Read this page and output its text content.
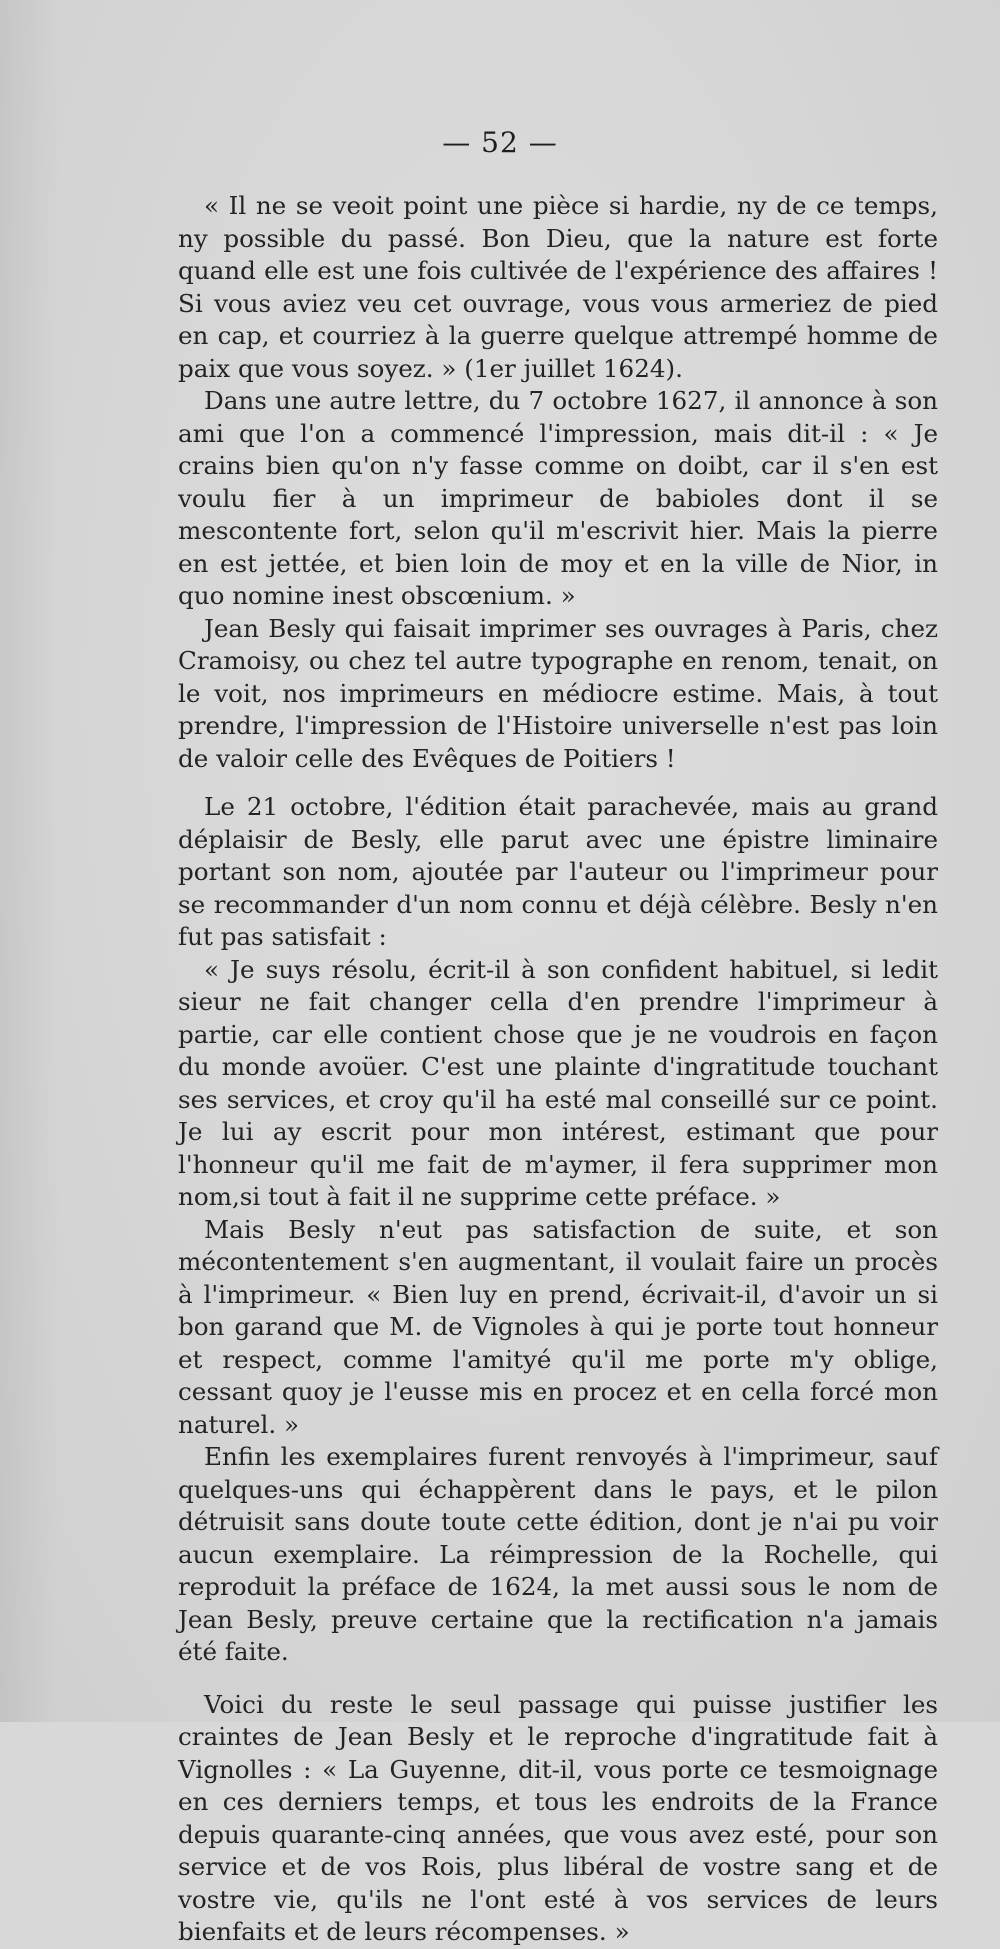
— 52 —

« Il ne se veoit point une pièce si hardie, ny de ce temps, ny possible du passé. Bon Dieu, que la nature est forte quand elle est une fois cultivée de l'expérience des affaires ! Si vous aviez veu cet ouvrage, vous vous armeriez de pied en cap, et courriez à la guerre quelque attrempé homme de paix que vous soyez. » (1er juillet 1624).

Dans une autre lettre, du 7 octobre 1627, il annonce à son ami que l'on a commencé l'impression, mais dit-il : « Je crains bien qu'on n'y fasse comme on doibt, car il s'en est voulu fier à un imprimeur de babioles dont il se mescontente fort, selon qu'il m'escrivit hier. Mais la pierre en est jettée, et bien loin de moy et en la ville de Nior, in quo nomine inest obscœnium. »

Jean Besly qui faisait imprimer ses ouvrages à Paris, chez Cramoisy, ou chez tel autre typographe en renom, tenait, on le voit, nos imprimeurs en médiocre estime. Mais, à tout prendre, l'impression de l'Histoire universelle n'est pas loin de valoir celle des Evêques de Poitiers !

Le 21 octobre, l'édition était parachevée, mais au grand déplaisir de Besly, elle parut avec une épistre liminaire portant son nom, ajoutée par l'auteur ou l'imprimeur pour se recommander d'un nom connu et déjà célèbre. Besly n'en fut pas satisfait :

« Je suys résolu, écrit-il à son confident habituel, si ledit sieur ne fait changer cella d'en prendre l'imprimeur à partie, car elle contient chose que je ne voudrois en façon du monde avoüer. C'est une plainte d'ingratitude touchant ses services, et croy qu'il ha esté mal conseillé sur ce point. Je lui ay escrit pour mon intérest, estimant que pour l'honneur qu'il me fait de m'aymer, il fera supprimer mon nom,si tout à fait il ne supprime cette préface. »

Mais Besly n'eut pas satisfaction de suite, et son mécontentement s'en augmentant, il voulait faire un procès à l'imprimeur. « Bien luy en prend, écrivait-il, d'avoir un si bon garand que M. de Vignoles à qui je porte tout honneur et respect, comme l'amityé qu'il me porte m'y oblige, cessant quoy je l'eusse mis en procez et en cella forcé mon naturel. »

Enfin les exemplaires furent renvoyés à l'imprimeur, sauf quelques-uns qui échappèrent dans le pays, et le pilon détruisit sans doute toute cette édition, dont je n'ai pu voir aucun exemplaire. La réimpression de la Rochelle, qui reproduit la préface de 1624, la met aussi sous le nom de Jean Besly, preuve certaine que la rectification n'a jamais été faite.

Voici du reste le seul passage qui puisse justifier les craintes de Jean Besly et le reproche d'ingratitude fait à Vignolles : « La Guyenne, dit-il, vous porte ce tesmoignage en ces derniers temps, et tous les endroits de la France depuis quarante-cinq années, que vous avez esté, pour son service et de vos Rois, plus libéral de vostre sang et de vostre vie, qu'ils ne l'ont esté à vos services de leurs bienfaits et de leurs récompenses. »
